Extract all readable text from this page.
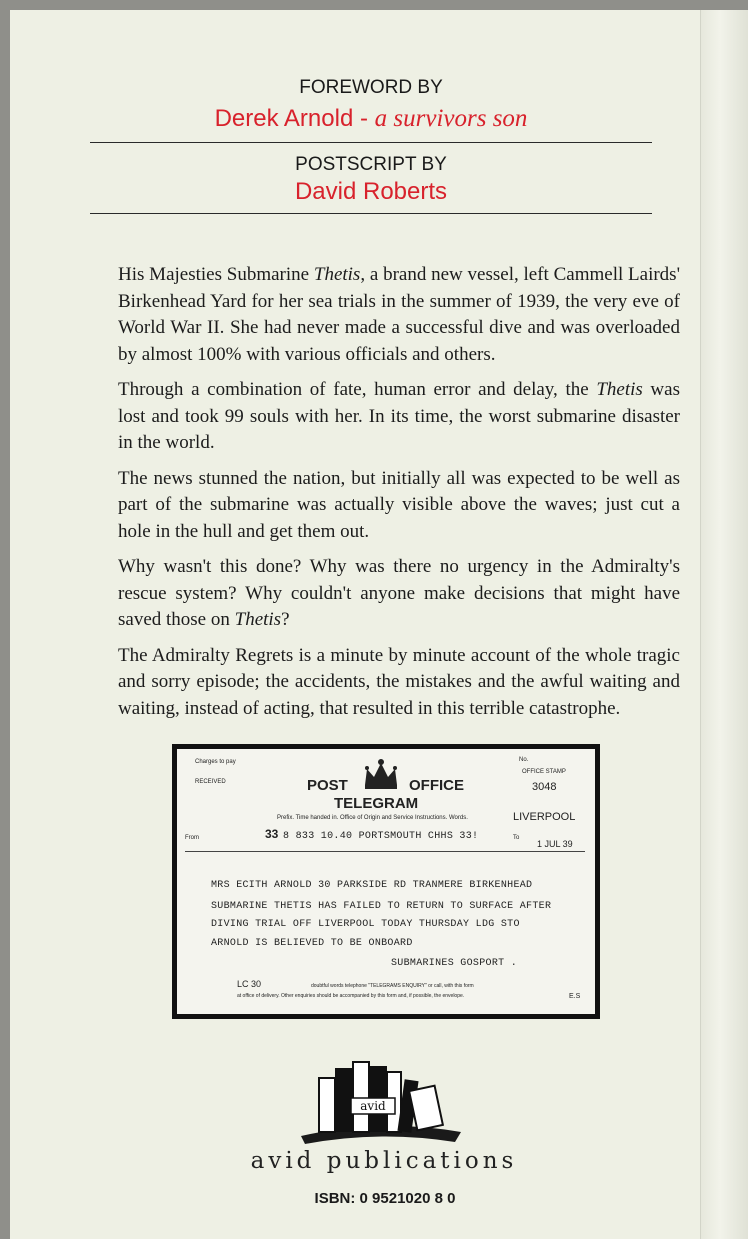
FOREWORD BY
Derek Arnold - a survivors son
POSTSCRIPT BY
David Roberts

His Majesties Submarine Thetis, a brand new vessel, left Cammell Lairds' Birkenhead Yard for her sea trials in the summer of 1939, the very eve of World War II. She had never made a successful dive and was overloaded by almost 100% with various officials and others.

Through a combination of fate, human error and delay, the Thetis was lost and took 99 souls with her. In its time, the worst submarine disaster in the world.

The news stunned the nation, but initially all was expected to be well as part of the submarine was actually visible above the waves; just cut a hole in the hull and get them out.

Why wasn't this done? Why was there no urgency in the Admiralty's rescue system? Why couldn't anyone make decisions that might have saved those on Thetis?

The Admiralty Regrets is a minute by minute account of the whole tragic and sorry episode; the accidents, the mistakes and the awful waiting and waiting, instead of acting, that resulted in this terrible catastrophe.

Charges to pay
RECEIVED	POST	OFFICE
TELEGRAM
No.
OFFICE STAMP
3048
Prefix. Time handed in. Office of Origin and Service Instructions. Words.	LIVERPOOL
From	33 8 833 10.40 PORTSMOUTH CHHS 33!	To
1 JUL 39
MRS ECITH ARNOLD 30 PARKSIDE RD TRANMERE BIRKENHEAD
SUBMARINE THETIS HAS FAILED TO RETURN TO SURFACE AFTER
DIVING TRIAL OFF LIVERPOOL TODAY THURSDAY LDG STO
ARNOLD IS BELIEVED TO BE ONBOARD
SUBMARINES GOSPORT .
LC 30	doubtful words telephone "TELEGRAMS ENQUIRY" or call, with this form
at office of delivery. Other enquiries should be accompanied by this form and, if possible, the envelope.	E.S
avid
avid publications
ISBN: 0 9521020 8 0
